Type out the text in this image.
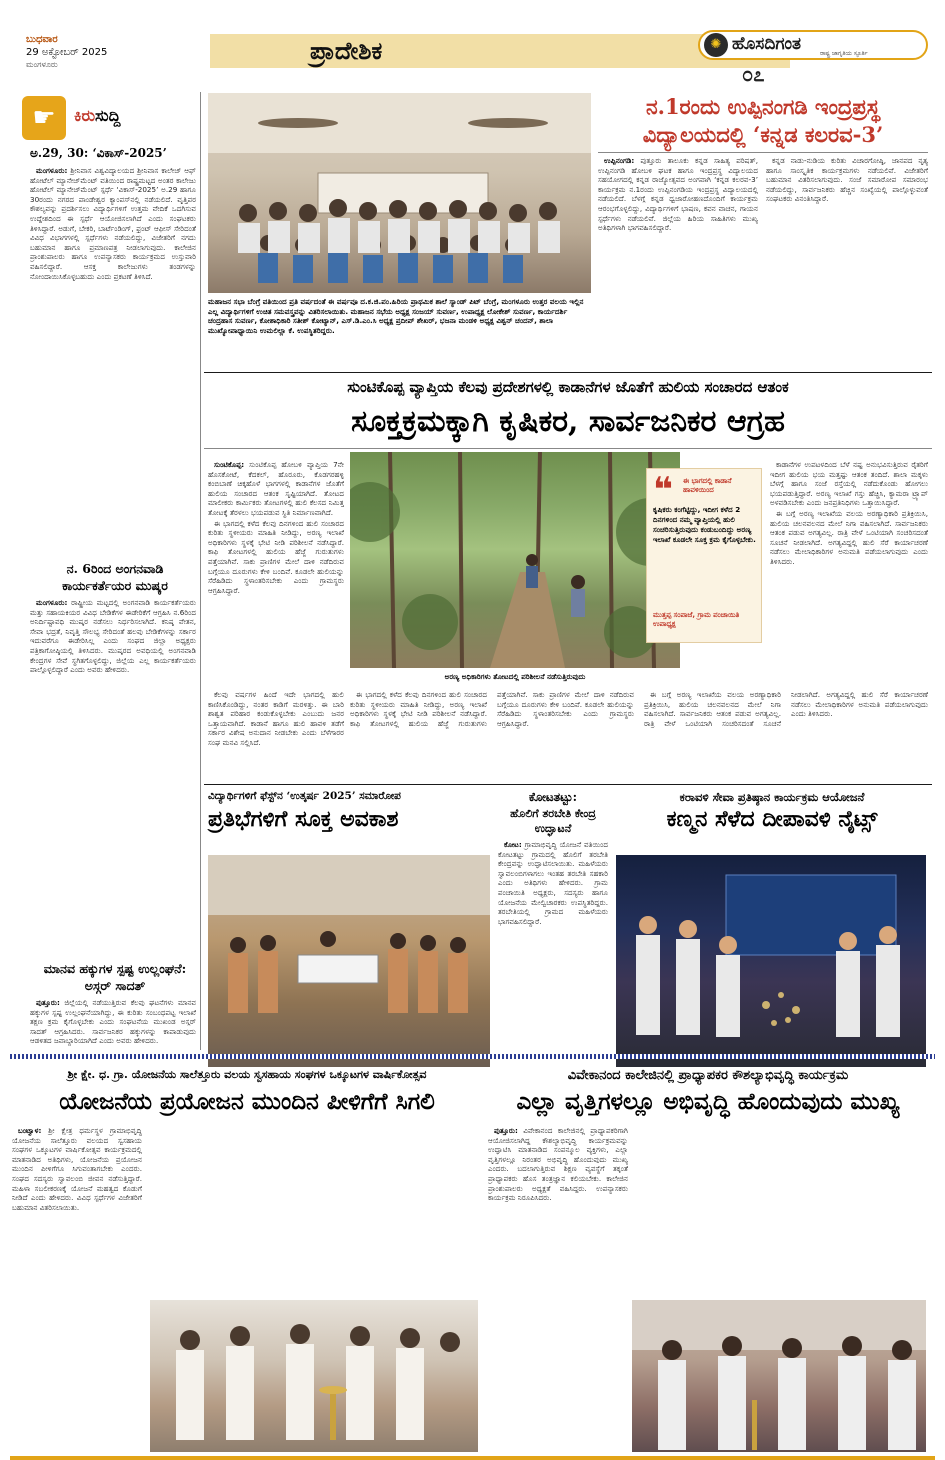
ಬುಧವಾರ
29 ಅಕ್ಟೋಬರ್ 2025
ಮಂಗಳೂರು	ಪ್ರಾದೇಶಿಕ	✺ ಹೊಸದಿಗಂತ	ರಾಷ್ಟ್ರ ಜಾಗೃತಿಯ ಸ್ಫೂರ್ತಿ
೦೭
☛	ಕಿರುಸುದ್ದಿ
ಅ.29, 30: ‘ವಿಕಾಸ್-2025’

ಮಂಗಳೂರು: ಶ್ರೀನಿವಾಸ ವಿಶ್ವವಿದ್ಯಾಲಯದ ಶ್ರೀನಿವಾಸ ಕಾಲೇಜ್ ಆಫ್ ಹೋಟೆಲ್ ಮ್ಯಾನೇಜ್‌ಮೆಂಟ್ ವತಿಯಿಂದ ರಾಷ್ಟ್ರಮಟ್ಟದ ಅಂತರ ಕಾಲೇಜು ಹೋಟೆಲ್ ಮ್ಯಾನೇಜ್‌ಮೆಂಟ್ ಸ್ಪರ್ಧೆ ‘ವಿಕಾಸ್-2025’ ಅ.29 ಹಾಗೂ 30ರಂದು ನಗರದ ಪಾಂಡೇಶ್ವರ ಕ್ಯಾಂಪಸ್‌ನಲ್ಲಿ ನಡೆಯಲಿದೆ. ವೃತ್ತಿಪರ ಕೌಶಲ್ಯವನ್ನು ಪ್ರದರ್ಶಿಸಲು ವಿದ್ಯಾರ್ಥಿಗಳಿಗೆ ಉತ್ತಮ ವೇದಿಕೆ ಒದಗಿಸುವ ಉದ್ದೇಶದಿಂದ ಈ ಸ್ಪರ್ಧೆ ಆಯೋಜಿಸಲಾಗಿದೆ ಎಂದು ಸಂಘಟಕರು ತಿಳಿಸಿದ್ದಾರೆ. ಅಡುಗೆ, ಬೇಕರಿ, ಬಾರ್ಟೆಂಡಿಂಗ್, ಫ್ರಂಟ್ ಆಫೀಸ್ ಸೇರಿದಂತೆ ವಿವಿಧ ವಿಭಾಗಗಳಲ್ಲಿ ಸ್ಪರ್ಧೆಗಳು ನಡೆಯಲಿದ್ದು, ವಿಜೇತರಿಗೆ ನಗದು ಬಹುಮಾನ ಹಾಗೂ ಪ್ರಮಾಣಪತ್ರ ನೀಡಲಾಗುವುದು. ಕಾಲೇಜಿನ ಪ್ರಾಂಶುಪಾಲರು ಹಾಗೂ ಉಪನ್ಯಾಸಕರು ಕಾರ್ಯಕ್ರಮದ ಉಸ್ತುವಾರಿ ವಹಿಸಲಿದ್ದಾರೆ. ಆಸಕ್ತ ಕಾಲೇಜುಗಳು ತಂಡಗಳನ್ನು ನೋಂದಾಯಿಸಿಕೊಳ್ಳಬಹುದು ಎಂದು ಪ್ರಕಟಣೆ ತಿಳಿಸಿದೆ.

ನ. 6ರಿಂದ ಅಂಗನವಾಡಿ ಕಾರ್ಯಕರ್ತೆಯರ ಮುಷ್ಕರ

ಮಂಗಳೂರು: ರಾಷ್ಟ್ರೀಯ ಮಟ್ಟದಲ್ಲಿ ಅಂಗನವಾಡಿ ಕಾರ್ಯಕರ್ತೆಯರು ಮತ್ತು ಸಹಾಯಕಿಯರ ವಿವಿಧ ಬೇಡಿಕೆಗಳ ಈಡೇರಿಕೆಗೆ ಆಗ್ರಹಿಸಿ ನ.6ರಿಂದ ಅನಿರ್ದಿಷ್ಟಾವಧಿ ಮುಷ್ಕರ ನಡೆಸಲು ನಿರ್ಧರಿಸಲಾಗಿದೆ. ಕನಿಷ್ಠ ವೇತನ, ಸೇವಾ ಭದ್ರತೆ, ನಿವೃತ್ತಿ ಸೌಲಭ್ಯ ಸೇರಿದಂತೆ ಹಲವು ಬೇಡಿಕೆಗಳನ್ನು ಸರ್ಕಾರ ಇದುವರೆಗೂ ಈಡೇರಿಸಿಲ್ಲ ಎಂದು ಸಂಘದ ಜಿಲ್ಲಾ ಅಧ್ಯಕ್ಷರು ಪತ್ರಿಕಾಗೋಷ್ಠಿಯಲ್ಲಿ ತಿಳಿಸಿದರು. ಮುಷ್ಕರದ ಅವಧಿಯಲ್ಲಿ ಅಂಗನವಾಡಿ ಕೇಂದ್ರಗಳ ಸೇವೆ ಸ್ಥಗಿತಗೊಳ್ಳಲಿದ್ದು, ಜಿಲ್ಲೆಯ ಎಲ್ಲ ಕಾರ್ಯಕರ್ತೆಯರು ಪಾಲ್ಗೊಳ್ಳಲಿದ್ದಾರೆ ಎಂದು ಅವರು ಹೇಳಿದರು.

ಮಾನವ ಹಕ್ಕುಗಳ ಸ್ಪಷ್ಟ ಉಲ್ಲಂಘನೆ: ಅಸ್ಗರ್ ಸಾದತ್

ಪುತ್ತೂರು: ಜಿಲ್ಲೆಯಲ್ಲಿ ನಡೆಯುತ್ತಿರುವ ಕೆಲವು ಘಟನೆಗಳು ಮಾನವ ಹಕ್ಕುಗಳ ಸ್ಪಷ್ಟ ಉಲ್ಲಂಘನೆಯಾಗಿದ್ದು, ಈ ಕುರಿತು ಸಂಬಂಧಪಟ್ಟ ಇಲಾಖೆ ತಕ್ಷಣ ಕ್ರಮ ಕೈಗೊಳ್ಳಬೇಕು ಎಂದು ಸಂಘಟನೆಯ ಮುಖಂಡ ಅಸ್ಗರ್ ಸಾದತ್ ಆಗ್ರಹಿಸಿದರು. ಸಾರ್ವಜನಿಕರ ಹಕ್ಕುಗಳನ್ನು ಕಾಪಾಡುವುದು ಆಡಳಿತದ ಜವಾಬ್ದಾರಿಯಾಗಿದೆ ಎಂದು ಅವರು ಹೇಳಿದರು.

ಮಹಾಜನ ಸಭಾ ಬೆಂಗ್ರೆ ವತಿಯಿಂದ ಪ್ರತಿ ವರ್ಷದಂತೆ ಈ ವರ್ಷವೂ ದ.ಕ.ಜಿ.ಪಂ.ಹಿರಿಯ ಪ್ರಾಥಮಿಕ ಶಾಲೆ ಸ್ಯಾಂಡ್ ಪಿಟ್ ಬೆಂಗ್ರೆ, ಮಂಗಳೂರು ಉತ್ತರ ವಲಯ ಇಲ್ಲಿನ ಎಲ್ಲ ವಿದ್ಯಾರ್ಥಿಗಳಿಗೆ ಉಚಿತ ಸಮವಸ್ತ್ರವನ್ನು ವಿತರಿಸಲಾಯಿತು. ಮಹಾಜನ ಸಭೆಯ ಅಧ್ಯಕ್ಷ ಸಂಜಯ್ ಸುವರ್ಣ, ಉಪಾಧ್ಯಕ್ಷ ಲೋಕೇಶ್ ಸುವರ್ಣ, ಕಾರ್ಯದರ್ಶಿ ಚಂದ್ರಹಾಸ ಸುವರ್ಣ, ಕೋಶಾಧಿಕಾರಿ ಸತೀಶ್ ಕೋಟ್ಯಾನ್, ಎಸ್.ಡಿ.ಎಂ.ಸಿ ಅಧ್ಯಕ್ಷ ಪ್ರದೀಪ್ ಶೇಖರ್, ಭಜನಾ ಮಂಡಳಿ ಅಧ್ಯಕ್ಷ ವಿಶ್ವನ್ ಚಂದನ್, ಶಾಲಾ ಮುಖ್ಯೋಪಾಧ್ಯಾಯಿನಿ ಉಮಲಿಲ್ಲಾ ಕೆ. ಉಪಸ್ಥಿತರಿದ್ದರು.
ನ.1ರಂದು ಉಪ್ಪಿನಂಗಡಿ ಇಂದ್ರಪ್ರಸ್ಥ
ವಿದ್ಯಾಲಯದಲ್ಲಿ ‘ಕನ್ನಡ ಕಲರವ-3’

ಉಪ್ಪಿನಂಗಡಿ: ಪುತ್ತೂರು ತಾಲೂಕು ಕನ್ನಡ ಸಾಹಿತ್ಯ ಪರಿಷತ್, ಉಪ್ಪಿನಂಗಡಿ ಹೋಬಳಿ ಘಟಕ ಹಾಗೂ ಇಂದ್ರಪ್ರಸ್ಥ ವಿದ್ಯಾಲಯದ ಸಹಯೋಗದಲ್ಲಿ ಕನ್ನಡ ರಾಜ್ಯೋತ್ಸವದ ಅಂಗವಾಗಿ ‘ಕನ್ನಡ ಕಲರವ-3’ ಕಾರ್ಯಕ್ರಮ ನ.1ರಂದು ಉಪ್ಪಿನಂಗಡಿಯ ಇಂದ್ರಪ್ರಸ್ಥ ವಿದ್ಯಾಲಯದಲ್ಲಿ ನಡೆಯಲಿದೆ. ಬೆಳಗ್ಗೆ ಕನ್ನಡ ಧ್ವಜಾರೋಹಣದೊಂದಿಗೆ ಕಾರ್ಯಕ್ರಮ ಆರಂಭಗೊಳ್ಳಲಿದ್ದು, ವಿದ್ಯಾರ್ಥಿಗಳಿಗೆ ಭಾಷಣ, ಕವನ ವಾಚನ, ಗಾಯನ ಸ್ಪರ್ಧೆಗಳು ನಡೆಯಲಿವೆ. ಜಿಲ್ಲೆಯ ಹಿರಿಯ ಸಾಹಿತಿಗಳು ಮುಖ್ಯ ಅತಿಥಿಗಳಾಗಿ ಭಾಗವಹಿಸಲಿದ್ದಾರೆ.

ಕನ್ನಡ ನಾಡು-ನುಡಿಯ ಕುರಿತು ವಿಚಾರಗೋಷ್ಠಿ, ಜಾನಪದ ನೃತ್ಯ ಹಾಗೂ ಸಾಂಸ್ಕೃತಿಕ ಕಾರ್ಯಕ್ರಮಗಳು ನಡೆಯಲಿವೆ. ವಿಜೇತರಿಗೆ ಬಹುಮಾನ ವಿತರಿಸಲಾಗುವುದು. ಸಂಜೆ ಸಮಾರೋಪ ಸಮಾರಂಭ ನಡೆಯಲಿದ್ದು, ಸಾರ್ವಜನಿಕರು ಹೆಚ್ಚಿನ ಸಂಖ್ಯೆಯಲ್ಲಿ ಪಾಲ್ಗೊಳ್ಳುವಂತೆ ಸಂಘಟಕರು ವಿನಂತಿಸಿದ್ದಾರೆ.

ಸುಂಟಿಕೊಪ್ಪ ವ್ಯಾಪ್ತಿಯ ಕೆಲವು ಪ್ರದೇಶಗಳಲ್ಲಿ ಕಾಡಾನೆಗಳ ಜೊತೆಗೆ ಹುಲಿಯ ಸಂಚಾರದ ಆತಂಕ
ಸೂಕ್ತಕ್ರಮಕ್ಕಾಗಿ ಕೃಷಿಕರ, ಸಾರ್ವಜನಿಕರ ಆಗ್ರಹ

ಸುಂಟಿಕೊಪ್ಪ: ಸುಂಟಿಕೊಪ್ಪ ಹೋಬಳಿ ವ್ಯಾಪ್ತಿಯ 7ನೇ ಹೊಸಕೋಟೆ, ಕೆದಕಲ್, ಹೊರೂರು, ಕೊಡಗರಹಳ್ಳಿ ಕಂಬಿಬಾಣೆ ಚಿಕ್ಕಹೊಳೆ ಭಾಗಗಳಲ್ಲಿ ಕಾಡಾನೆಗಳ ಜೊತೆಗೆ ಹುಲಿಯ ಸಂಚಾರದ ಆತಂಕ ಸೃಷ್ಟಿಯಾಗಿದೆ. ತೋಟದ ಮಾಲೀಕರು ಕಾರ್ಮಿಕರು ತೋಟಗಳಲ್ಲಿ ಹುಲಿ ಕೆಲಸದ ನಿಮಿತ್ತ ತೋಟಕ್ಕೆ ತೆರಳಲು ಭಯಪಡುವ ಸ್ಥಿತಿ ನಿರ್ಮಾಣವಾಗಿದೆ.

ಈ ಭಾಗದಲ್ಲಿ ಕಳೆದ ಕೆಲವು ದಿನಗಳಿಂದ ಹುಲಿ ಸಂಚಾರದ ಕುರಿತು ಸ್ಥಳೀಯರು ಮಾಹಿತಿ ನೀಡಿದ್ದು, ಅರಣ್ಯ ಇಲಾಖೆ ಅಧಿಕಾರಿಗಳು ಸ್ಥಳಕ್ಕೆ ಭೇಟಿ ನೀಡಿ ಪರಿಶೀಲನೆ ನಡೆಸಿದ್ದಾರೆ. ಕಾಫಿ ತೋಟಗಳಲ್ಲಿ ಹುಲಿಯ ಹೆಜ್ಜೆ ಗುರುತುಗಳು ಪತ್ತೆಯಾಗಿವೆ. ಸಾಕು ಪ್ರಾಣಿಗಳ ಮೇಲೆ ದಾಳಿ ನಡೆದಿರುವ ಬಗ್ಗೆಯೂ ದೂರುಗಳು ಕೇಳಿ ಬಂದಿವೆ. ಕೂಡಲೇ ಹುಲಿಯನ್ನು ಸೆರೆಹಿಡಿದು ಸ್ಥಳಾಂತರಿಸಬೇಕು ಎಂದು ಗ್ರಾಮಸ್ಥರು ಆಗ್ರಹಿಸಿದ್ದಾರೆ.

ಅರಣ್ಯ ಅಧಿಕಾರಿಗಳು ತೋಟದಲ್ಲಿ ಪರಿಶೀಲನೆ ನಡೆಸುತ್ತಿರುವುದು
❝ ಈ ಭಾಗದಲ್ಲಿ ಕಾಡಾನೆ ಹಾವಳಿಯಿಂದ
ಕೃಷಿಕರು ಕಂಗೆಟ್ಟಿದ್ದು, ಇದೀಗ ಕಳೆದ 2 ದಿನಗಳಿಂದ ನಮ್ಮ ವ್ಯಾಪ್ತಿಯಲ್ಲಿ ಹುಲಿ ಸಂಚರಿಸುತ್ತಿರುವುದು ಕಂಡುಬಂದಿದ್ದು ಅರಣ್ಯ ಇಲಾಖೆ ಕೂಡಲೇ ಸೂಕ್ತ ಕ್ರಮ ಕೈಗೊಳ್ಳಬೇಕು.
ಮುತ್ತಪ್ಪ ಸಂಪಾಜೆ, ಗ್ರಾಮ ಪಂಚಾಯಿತಿ ಉಪಾಧ್ಯಕ್ಷ

ಕಾಡಾನೆಗಳ ಉಪಟಳದಿಂದ ಬೆಳೆ ನಷ್ಟ ಅನುಭವಿಸುತ್ತಿರುವ ರೈತರಿಗೆ ಇದೀಗ ಹುಲಿಯ ಭಯ ಮತ್ತಷ್ಟು ಆತಂಕ ತಂದಿದೆ. ಶಾಲಾ ಮಕ್ಕಳು ಬೆಳಗ್ಗೆ ಹಾಗೂ ಸಂಜೆ ರಸ್ತೆಯಲ್ಲಿ ನಡೆದುಕೊಂಡು ಹೋಗಲು ಭಯಪಡುತ್ತಿದ್ದಾರೆ. ಅರಣ್ಯ ಇಲಾಖೆ ಗಸ್ತು ಹೆಚ್ಚಿಸಿ, ಕ್ಯಾಮರಾ ಟ್ರ್ಯಾಪ್ ಅಳವಡಿಸಬೇಕು ಎಂದು ಜನಪ್ರತಿನಿಧಿಗಳು ಒತ್ತಾಯಿಸಿದ್ದಾರೆ.

ಈ ಬಗ್ಗೆ ಅರಣ್ಯ ಇಲಾಖೆಯ ವಲಯ ಅರಣ್ಯಾಧಿಕಾರಿ ಪ್ರತಿಕ್ರಿಯಿಸಿ, ಹುಲಿಯ ಚಲನವಲನದ ಮೇಲೆ ನಿಗಾ ವಹಿಸಲಾಗಿದೆ. ಸಾರ್ವಜನಿಕರು ಆತಂಕ ಪಡುವ ಅಗತ್ಯವಿಲ್ಲ. ರಾತ್ರಿ ವೇಳೆ ಒಂಟಿಯಾಗಿ ಸಂಚರಿಸದಂತೆ ಸೂಚನೆ ನೀಡಲಾಗಿದೆ. ಅಗತ್ಯವಿದ್ದಲ್ಲಿ ಹುಲಿ ಸೆರೆ ಕಾರ್ಯಾಚರಣೆ ನಡೆಸಲು ಮೇಲಾಧಿಕಾರಿಗಳ ಅನುಮತಿ ಪಡೆಯಲಾಗುವುದು ಎಂದು ತಿಳಿಸಿದರು.

ಕೆಲವು ವರ್ಷಗಳ ಹಿಂದೆ ಇದೇ ಭಾಗದಲ್ಲಿ ಹುಲಿ ಕಾಣಿಸಿಕೊಂಡಿದ್ದು, ನಂತರ ಕಾಡಿಗೆ ಮರಳಿತ್ತು. ಈ ಬಾರಿ ಶಾಶ್ವತ ಪರಿಹಾರ ಕಂಡುಕೊಳ್ಳಬೇಕು ಎಂಬುದು ಜನರ ಒತ್ತಾಯವಾಗಿದೆ. ಕಾಡಾನೆ ಹಾಗೂ ಹುಲಿ ಹಾವಳಿ ತಡೆಗೆ ಸರ್ಕಾರ ವಿಶೇಷ ಅನುದಾನ ನೀಡಬೇಕು ಎಂದು ಬೆಳೆಗಾರರ ಸಂಘ ಮನವಿ ಸಲ್ಲಿಸಿದೆ.

ಈ ಭಾಗದಲ್ಲಿ ಕಳೆದ ಕೆಲವು ದಿನಗಳಿಂದ ಹುಲಿ ಸಂಚಾರದ ಕುರಿತು ಸ್ಥಳೀಯರು ಮಾಹಿತಿ ನೀಡಿದ್ದು, ಅರಣ್ಯ ಇಲಾಖೆ ಅಧಿಕಾರಿಗಳು ಸ್ಥಳಕ್ಕೆ ಭೇಟಿ ನೀಡಿ ಪರಿಶೀಲನೆ ನಡೆಸಿದ್ದಾರೆ. ಕಾಫಿ ತೋಟಗಳಲ್ಲಿ ಹುಲಿಯ ಹೆಜ್ಜೆ ಗುರುತುಗಳು ಪತ್ತೆಯಾಗಿವೆ. ಸಾಕು ಪ್ರಾಣಿಗಳ ಮೇಲೆ ದಾಳಿ ನಡೆದಿರುವ ಬಗ್ಗೆಯೂ ದೂರುಗಳು ಕೇಳಿ ಬಂದಿವೆ. ಕೂಡಲೇ ಹುಲಿಯನ್ನು ಸೆರೆಹಿಡಿದು ಸ್ಥಳಾಂತರಿಸಬೇಕು ಎಂದು ಗ್ರಾಮಸ್ಥರು ಆಗ್ರಹಿಸಿದ್ದಾರೆ.

ಈ ಬಗ್ಗೆ ಅರಣ್ಯ ಇಲಾಖೆಯ ವಲಯ ಅರಣ್ಯಾಧಿಕಾರಿ ಪ್ರತಿಕ್ರಿಯಿಸಿ, ಹುಲಿಯ ಚಲನವಲನದ ಮೇಲೆ ನಿಗಾ ವಹಿಸಲಾಗಿದೆ. ಸಾರ್ವಜನಿಕರು ಆತಂಕ ಪಡುವ ಅಗತ್ಯವಿಲ್ಲ. ರಾತ್ರಿ ವೇಳೆ ಒಂಟಿಯಾಗಿ ಸಂಚರಿಸದಂತೆ ಸೂಚನೆ ನೀಡಲಾಗಿದೆ. ಅಗತ್ಯವಿದ್ದಲ್ಲಿ ಹುಲಿ ಸೆರೆ ಕಾರ್ಯಾಚರಣೆ ನಡೆಸಲು ಮೇಲಾಧಿಕಾರಿಗಳ ಅನುಮತಿ ಪಡೆಯಲಾಗುವುದು ಎಂದು ತಿಳಿಸಿದರು.

ವಿದ್ಯಾರ್ಥಿಗಳಿಗೆ ಫೆಸ್ಟ್‌ನ ‘ಉತ್ಕರ್ಷ 2025’ ಸಮಾರೋಪ
ಪ್ರತಿಭೆಗಳಿಗೆ ಸೂಕ್ತ ಅವಕಾಶ
ಕೋಟತಟ್ಟು:
ಹೊಲಿಗೆ ತರಬೇತಿ ಕೇಂದ್ರ ಉದ್ಘಾಟನೆ

ಕೋಟ: ಗ್ರಾಮಾಭಿವೃದ್ಧಿ ಯೋಜನೆ ವತಿಯಿಂದ ಕೋಟತಟ್ಟು ಗ್ರಾಮದಲ್ಲಿ ಹೊಲಿಗೆ ತರಬೇತಿ ಕೇಂದ್ರವನ್ನು ಉದ್ಘಾಟಿಸಲಾಯಿತು. ಮಹಿಳೆಯರು ಸ್ವಾವಲಂಬಿಗಳಾಗಲು ಇಂತಹ ತರಬೇತಿ ಸಹಕಾರಿ ಎಂದು ಅತಿಥಿಗಳು ಹೇಳಿದರು. ಗ್ರಾಮ ಪಂಚಾಯಿತಿ ಅಧ್ಯಕ್ಷರು, ಸದಸ್ಯರು ಹಾಗೂ ಯೋಜನೆಯ ಮೇಲ್ವಿಚಾರಕರು ಉಪಸ್ಥಿತರಿದ್ದರು. ತರಬೇತಿಯಲ್ಲಿ ಗ್ರಾಮದ ಮಹಿಳೆಯರು ಭಾಗವಹಿಸಲಿದ್ದಾರೆ.

ಕರಾವಳಿ ಸೇವಾ ಪ್ರತಿಷ್ಠಾನ ಕಾರ್ಯಕ್ರಮ ಆಯೋಜನೆ
ಕಣ್ಮನ ಸೆಳೆದ ದೀಪಾವಳಿ ನೈಟ್ಸ್
ಶ್ರೀ ಕ್ಷೇ. ಧ. ಗ್ರಾ. ಯೋಜನೆಯ ಸಾಲೆತ್ತೂರು ವಲಯ ಸ್ವಸಹಾಯ ಸಂಘಗಳ ಒಕ್ಕೂಟಗಳ ವಾರ್ಷಿಕೋತ್ಸವ
ಯೋಜನೆಯ ಪ್ರಯೋಜನ ಮುಂದಿನ ಪೀಳಿಗೆಗೆ ಸಿಗಲಿ

ಬಂಟ್ವಾಳ: ಶ್ರೀ ಕ್ಷೇತ್ರ ಧರ್ಮಸ್ಥಳ ಗ್ರಾಮಾಭಿವೃದ್ಧಿ ಯೋಜನೆಯ ಸಾಲೆತ್ತೂರು ವಲಯದ ಸ್ವಸಹಾಯ ಸಂಘಗಳ ಒಕ್ಕೂಟಗಳ ವಾರ್ಷಿಕೋತ್ಸವ ಕಾರ್ಯಕ್ರಮದಲ್ಲಿ ಮಾತನಾಡಿದ ಅತಿಥಿಗಳು, ಯೋಜನೆಯ ಪ್ರಯೋಜನ ಮುಂದಿನ ಪೀಳಿಗೆಗೂ ಸಿಗುವಂತಾಗಬೇಕು ಎಂದರು. ಸಂಘದ ಸದಸ್ಯರು ಸ್ವಾವಲಂಬಿ ಜೀವನ ನಡೆಸುತ್ತಿದ್ದಾರೆ. ಮಹಿಳಾ ಸಬಲೀಕರಣಕ್ಕೆ ಯೋಜನೆ ಮಹತ್ವದ ಕೊಡುಗೆ ನೀಡಿದೆ ಎಂದು ಹೇಳಿದರು. ವಿವಿಧ ಸ್ಪರ್ಧೆಗಳ ವಿಜೇತರಿಗೆ ಬಹುಮಾನ ವಿತರಿಸಲಾಯಿತು.

ವಿವೇಕಾನಂದ ಕಾಲೇಜಿನಲ್ಲಿ ಪ್ರಾಧ್ಯಾಪಕರ ಕೌಶಲ್ಯಾಭಿವೃದ್ಧಿ ಕಾರ್ಯಕ್ರಮ
ಎಲ್ಲಾ ವೃತ್ತಿಗಳಲ್ಲೂ ಅಭಿವೃದ್ಧಿ ಹೊಂದುವುದು ಮುಖ್ಯ

ಪುತ್ತೂರು: ವಿವೇಕಾನಂದ ಕಾಲೇಜಿನಲ್ಲಿ ಪ್ರಾಧ್ಯಾಪಕರಿಗಾಗಿ ಆಯೋಜಿಸಲಾಗಿದ್ದ ಕೌಶಲ್ಯಾಭಿವೃದ್ಧಿ ಕಾರ್ಯಕ್ರಮವನ್ನು ಉದ್ಘಾಟಿಸಿ ಮಾತನಾಡಿದ ಸಂಪನ್ಮೂಲ ವ್ಯಕ್ತಿಗಳು, ಎಲ್ಲಾ ವೃತ್ತಿಗಳಲ್ಲೂ ನಿರಂತರ ಅಭಿವೃದ್ಧಿ ಹೊಂದುವುದು ಮುಖ್ಯ ಎಂದರು. ಬದಲಾಗುತ್ತಿರುವ ಶಿಕ್ಷಣ ವ್ಯವಸ್ಥೆಗೆ ತಕ್ಕಂತೆ ಪ್ರಾಧ್ಯಾಪಕರು ಹೊಸ ತಂತ್ರಜ್ಞಾನ ಕಲಿಯಬೇಕು. ಕಾಲೇಜಿನ ಪ್ರಾಂಶುಪಾಲರು ಅಧ್ಯಕ್ಷತೆ ವಹಿಸಿದ್ದರು. ಉಪನ್ಯಾಸಕರು ಕಾರ್ಯಕ್ರಮ ನಿರೂಪಿಸಿದರು.
